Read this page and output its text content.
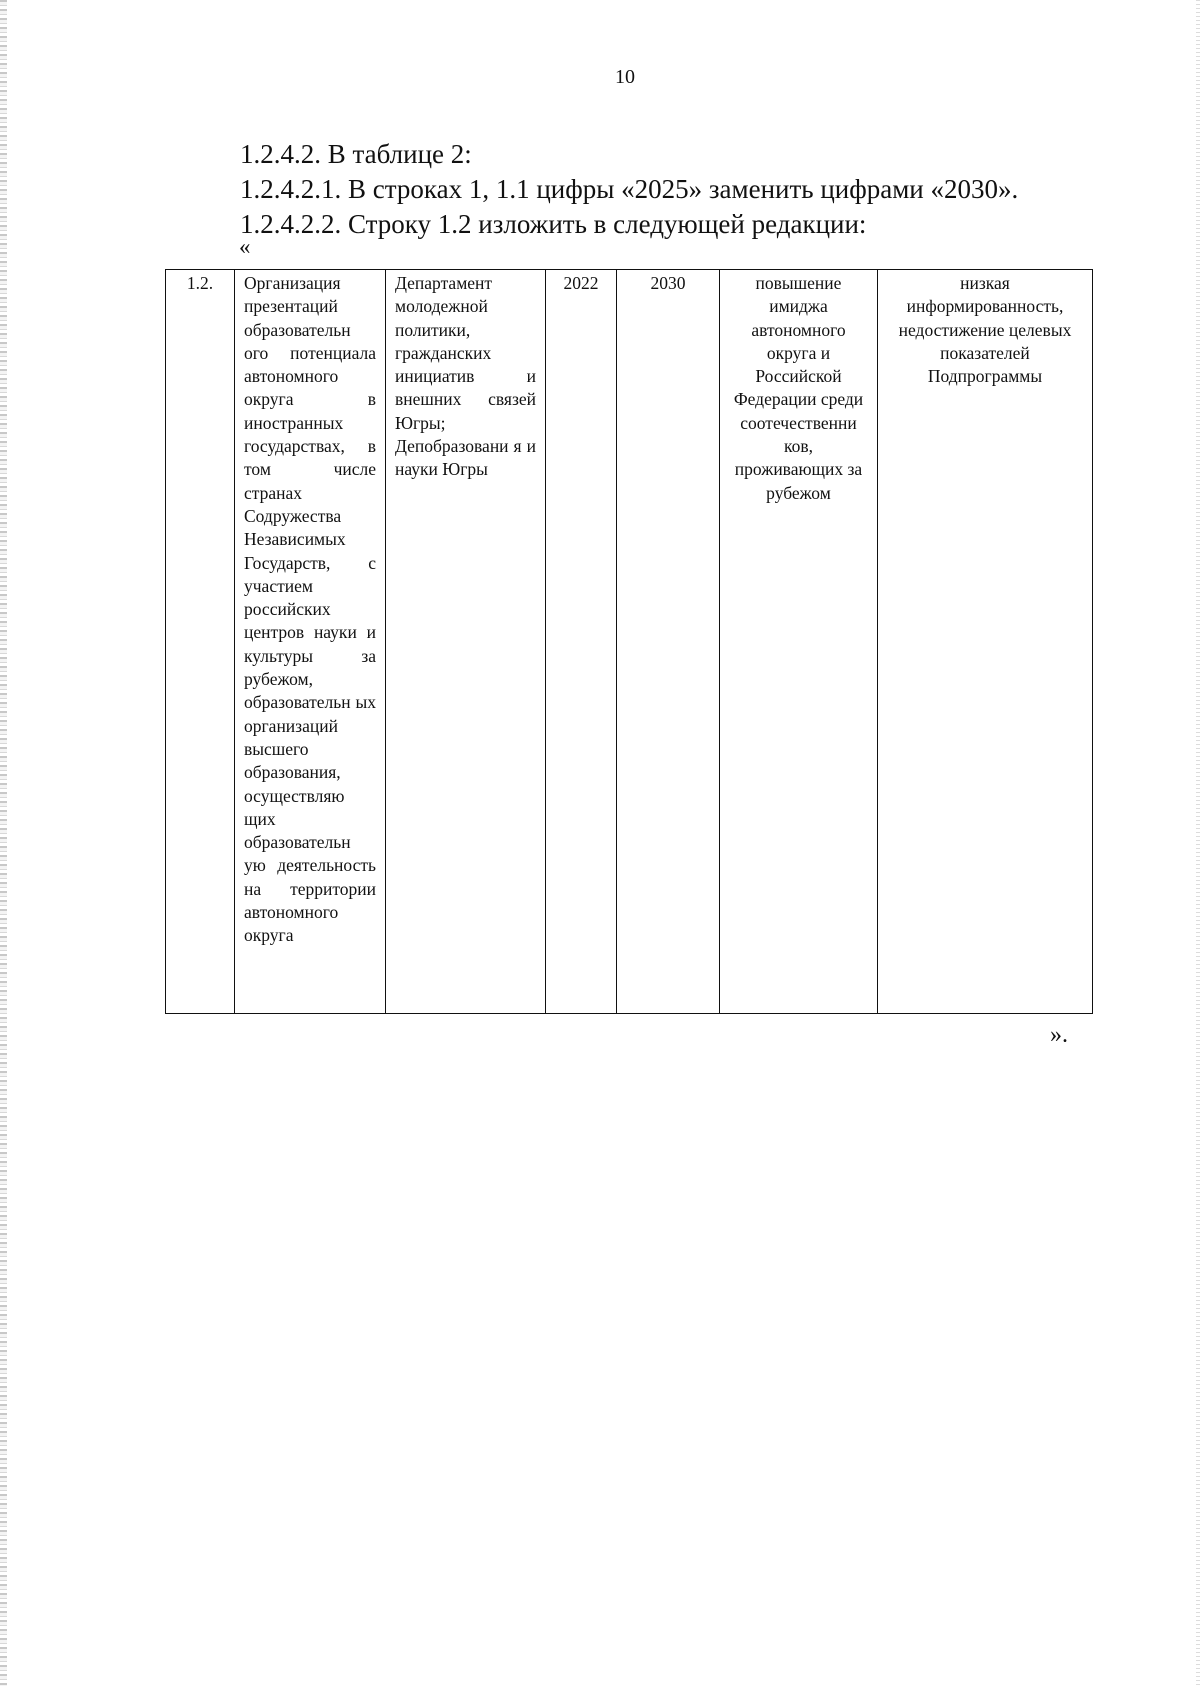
10
1.2.4.2. В таблице 2:
1.2.4.2.1. В строках 1, 1.1 цифры «2025» заменить цифрами «2030».
1.2.4.2.2. Строку 1.2 изложить в следующей редакции:
«
1.2.	Организация презентаций образовательн ого потенциала автономного округа в иностранных государствах, в том числе странах Содружества Независимых Государств, с участием российских центров науки и культуры за рубежом, образовательн ых организаций высшего образования, осуществляю щих образовательн ую деятельность на территории автономного округа	Департамент молодежной политики, гражданских инициатив и внешних связей Югры; Депобразовани я и науки Югры	2022	2030	повышение имиджа автономного округа и Российской Федерации среди соотечественни ков, проживающих за рубежом	низкая информированность, недостижение целевых показателей Подпрограммы
».
